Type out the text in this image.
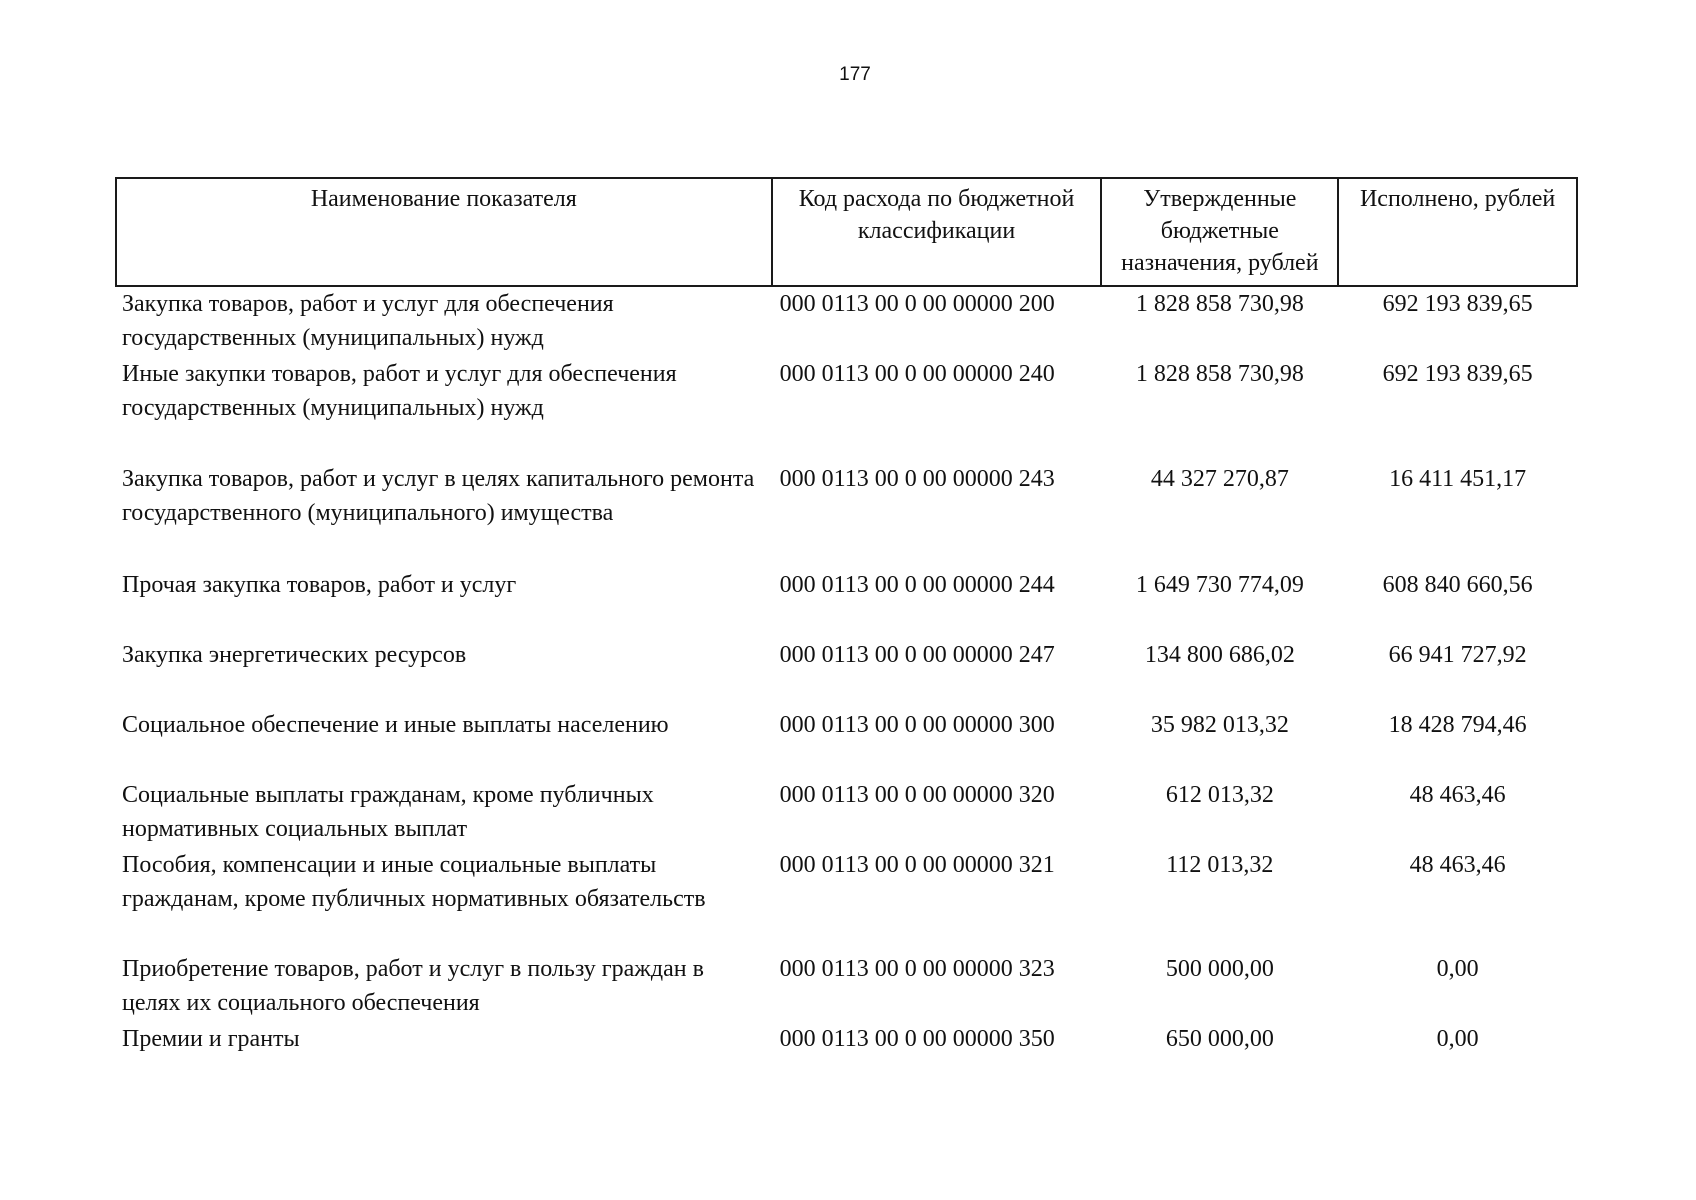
177
Наименование показателя	Код расхода по бюджетной классификации	Утвержденные бюджетные назначения, рублей	Исполнено, рублей
Закупка товаров, работ и услуг для обеспечения государственных (муниципальных) нужд	000 0113 00 0 00 00000 200	1 828 858 730,98	692 193 839,65
Иные закупки товаров, работ и услуг для обеспечения государственных (муниципальных) нужд	000 0113 00 0 00 00000 240	1 828 858 730,98	692 193 839,65
Закупка товаров, работ и услуг в целях капитального ремонта государственного (муниципального) имущества	000 0113 00 0 00 00000 243	44 327 270,87	16 411 451,17
Прочая закупка товаров, работ и услуг	000 0113 00 0 00 00000 244	1 649 730 774,09	608 840 660,56
Закупка энергетических ресурсов	000 0113 00 0 00 00000 247	134 800 686,02	66 941 727,92
Социальное обеспечение и иные выплаты населению	000 0113 00 0 00 00000 300	35 982 013,32	18 428 794,46
Социальные выплаты гражданам, кроме публичных нормативных социальных выплат	000 0113 00 0 00 00000 320	612 013,32	48 463,46
Пособия, компенсации и иные социальные выплаты гражданам, кроме публичных нормативных обязательств	000 0113 00 0 00 00000 321	112 013,32	48 463,46
Приобретение товаров, работ и услуг в пользу граждан в целях их социального обеспечения	000 0113 00 0 00 00000 323	500 000,00	0,00
Премии и гранты	000 0113 00 0 00 00000 350	650 000,00	0,00
